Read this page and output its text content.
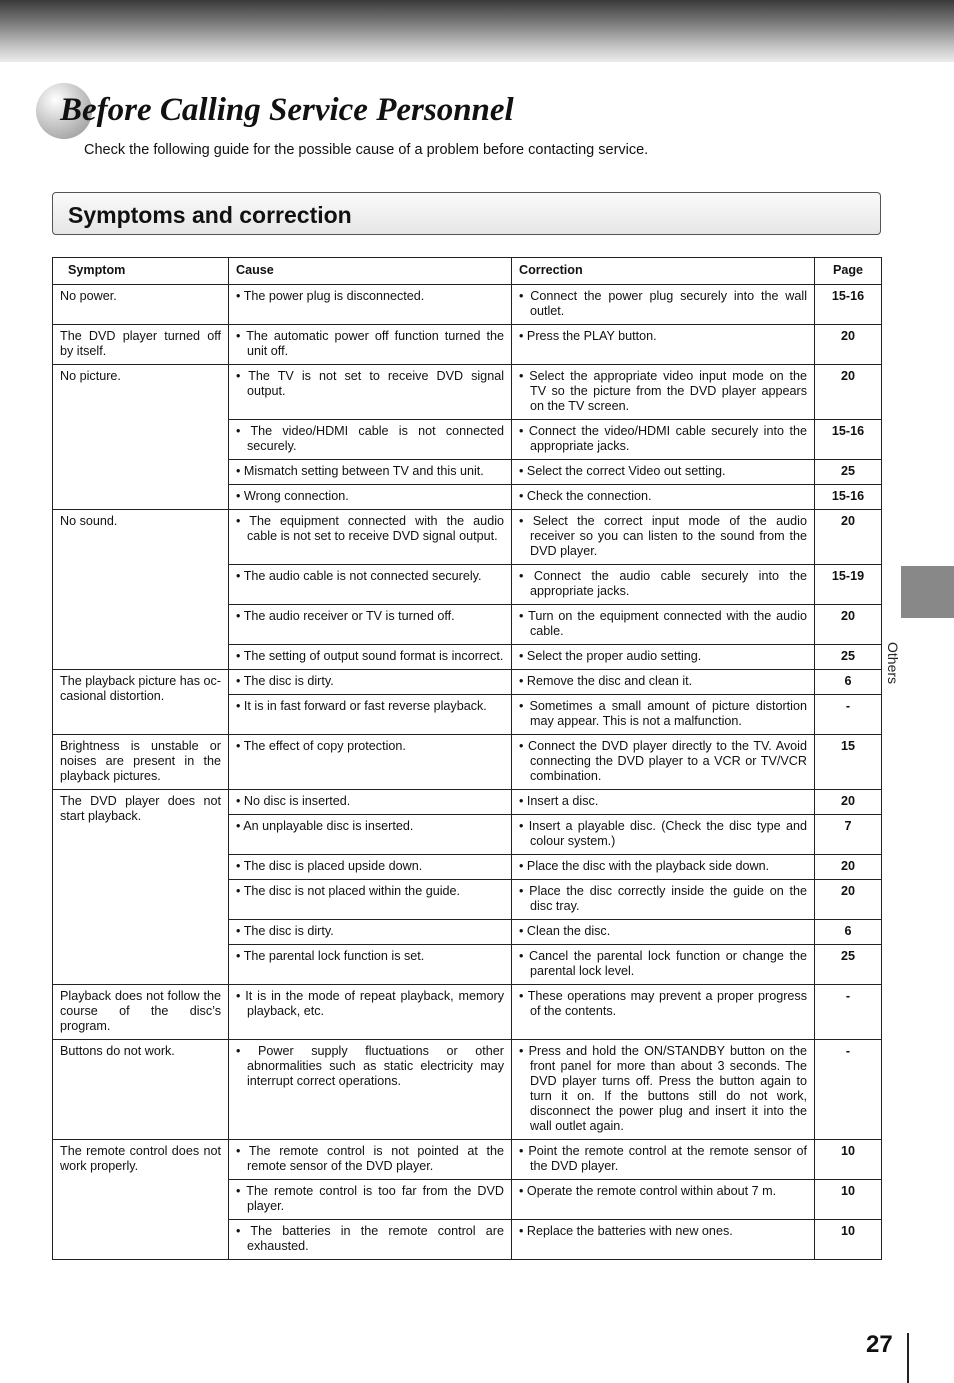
Before Calling Service Personnel
Check the following guide for the possible cause of a problem before contacting service.
Symptoms and correction
Symptom	Cause	Correction	Page
No power.	• The power plug is disconnected.	• Connect the power plug securely into the wall outlet.	15-16
The DVD player turned off by itself.	• The automatic power off function turned the unit off.	• Press the PLAY button.	20
No picture.	• The TV is not set to receive DVD signal output.	• Select the appropriate video input mode on the TV so the picture from the DVD player appears on the TV screen.	20

	• The video/HDMI cable is not connected securely.	• Connect the video/HDMI cable securely into the appropriate jacks.	15-16

	• Mismatch setting between TV and this unit.	• Select the correct Video out setting.	25

	• Wrong connection.	• Check the connection.	15-16
No sound.	• The equipment connected with the audio cable is not set to receive DVD signal output.	• Select the correct input mode of the audio receiver so you can listen to the sound from the DVD player.	20

	• The audio cable is not connected securely.	• Connect the audio cable securely into the appropriate jacks.	15-19

	• The audio receiver or TV is turned off.	• Turn on the equipment connected with the audio cable.	20

	• The setting of output sound format is incorrect.	• Select the proper audio setting.	25
The playback picture has oc-casional distortion.	• The disc is dirty.	• Remove the disc and clean it.	6

	• It is in fast forward or fast reverse playback.	• Sometimes a small amount of picture distortion may appear. This is not a malfunction.	-
Brightness is unstable or noises are present in the playback pictures.	• The effect of copy protection.	• Connect the DVD player directly to the TV. Avoid connecting the DVD player to a VCR or TV/VCR combination.	15
The DVD player does not start playback.	• No disc is inserted.	• Insert a disc.	20

	• An unplayable disc is inserted.	• Insert a playable disc. (Check the disc type and colour system.)	7

	• The disc is placed upside down.	• Place the disc with the playback side down.	20

	• The disc is not placed within the guide.	• Place the disc correctly inside the guide on the disc tray.	20

	• The disc is dirty.	• Clean the disc.	6

	• The parental lock function is set.	• Cancel the parental lock function or change the parental lock level.	25
Playback does not follow the course of the disc’s program.	• It is in the mode of repeat playback, memory playback, etc.	• These operations may prevent a proper progress of the contents.	-
Buttons do not work.	• Power supply fluctuations or other abnormalities such as static electricity may interrupt correct operations.	• Press and hold the ON/STANDBY button on the front panel for more than about 3 seconds. The DVD player turns off. Press the button again to turn it on. If the buttons still do not work, disconnect the power plug and insert it into the wall outlet again.	-
The remote control does not work properly.	• The remote control is not pointed at the remote sensor of the DVD player.	• Point the remote control at the remote sensor of the DVD player.	10

	• The remote control is too far from the DVD player.	• Operate the remote control within about 7 m.	10

	• The batteries in the remote control are exhausted.	• Replace the batteries with new ones.	10
Others
27
